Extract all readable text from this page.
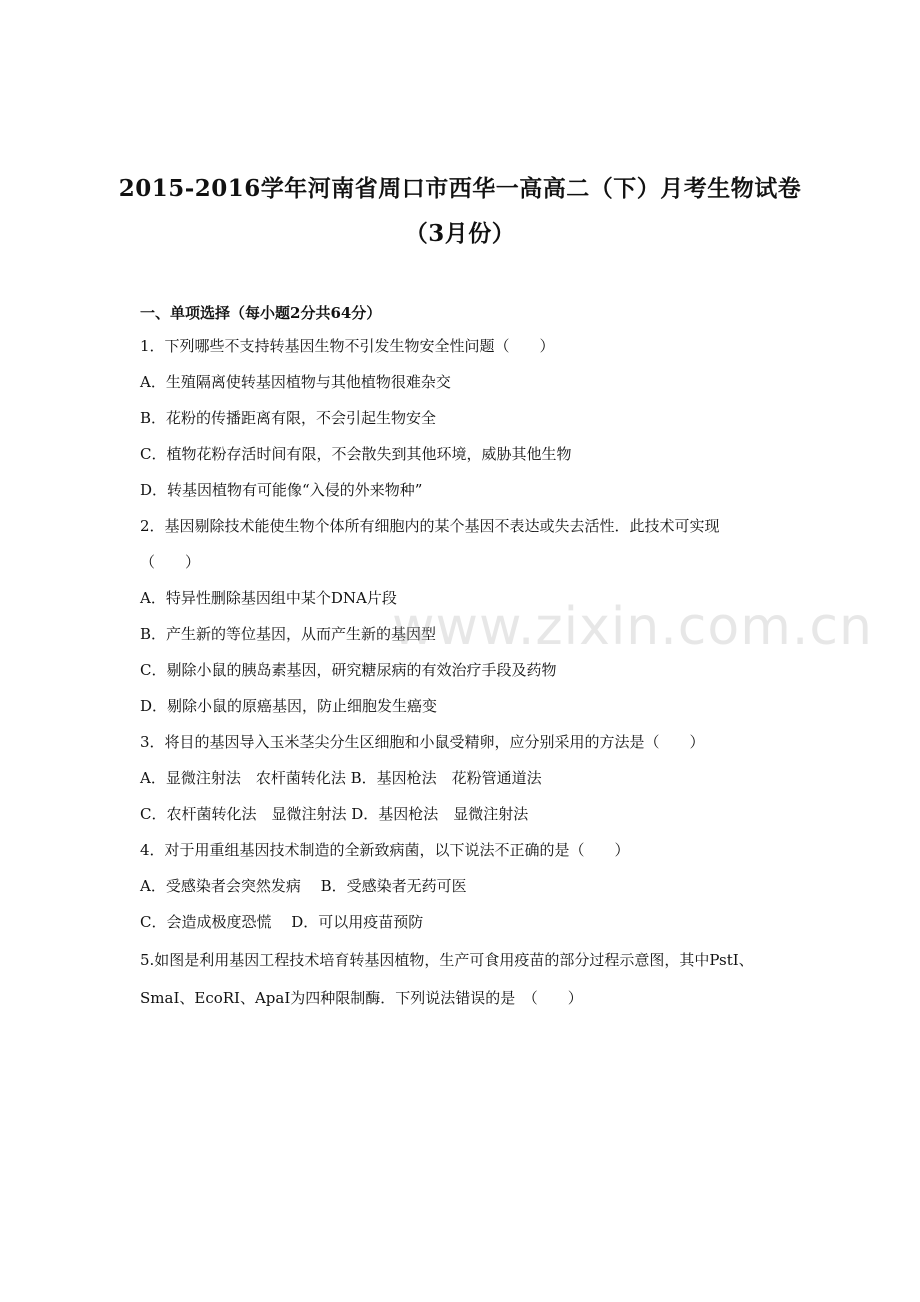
2015-2016学年河南省周口市西华一高高二（下）月考生物试卷
（3月份）
一、单项选择（每小题2分共64分）
1．下列哪些不支持转基因生物不引发生物安全性问题（　　）
A．生殖隔离使转基因植物与其他植物很难杂交
B．花粉的传播距离有限，不会引起生物安全
C．植物花粉存活时间有限，不会散失到其他环境，威胁其他生物
D．转基因植物有可能像“入侵的外来物种”
2．基因剔除技术能使生物个体所有细胞内的某个基因不表达或失去活性．此技术可实现
（　　）
A．特异性删除基因组中某个DNA片段
B．产生新的等位基因，从而产生新的基因型
C．剔除小鼠的胰岛素基因，研究糖尿病的有效治疗手段及药物
D．剔除小鼠的原癌基因，防止细胞发生癌变
3．将目的基因导入玉米茎尖分生区细胞和小鼠受精卵，应分别采用的方法是（　　）
A．显微注射法　农杆菌转化法 B．基因枪法　花粉管通道法
C．农杆菌转化法　显微注射法 D．基因枪法　显微注射法
4．对于用重组基因技术制造的全新致病菌，以下说法不正确的是（　　）
A．受感染者会突然发病　 B．受感染者无药可医
C．会造成极度恐慌　 D．可以用疫苗预防
5.如图是利用基因工程技术培育转基因植物，生产可食用疫苗的部分过程示意图，其中PstⅠ、
SmaⅠ、EcoRⅠ、ApaⅠ为四种限制酶．下列说法错误的是　（　　）
www.zixin.com.cn
